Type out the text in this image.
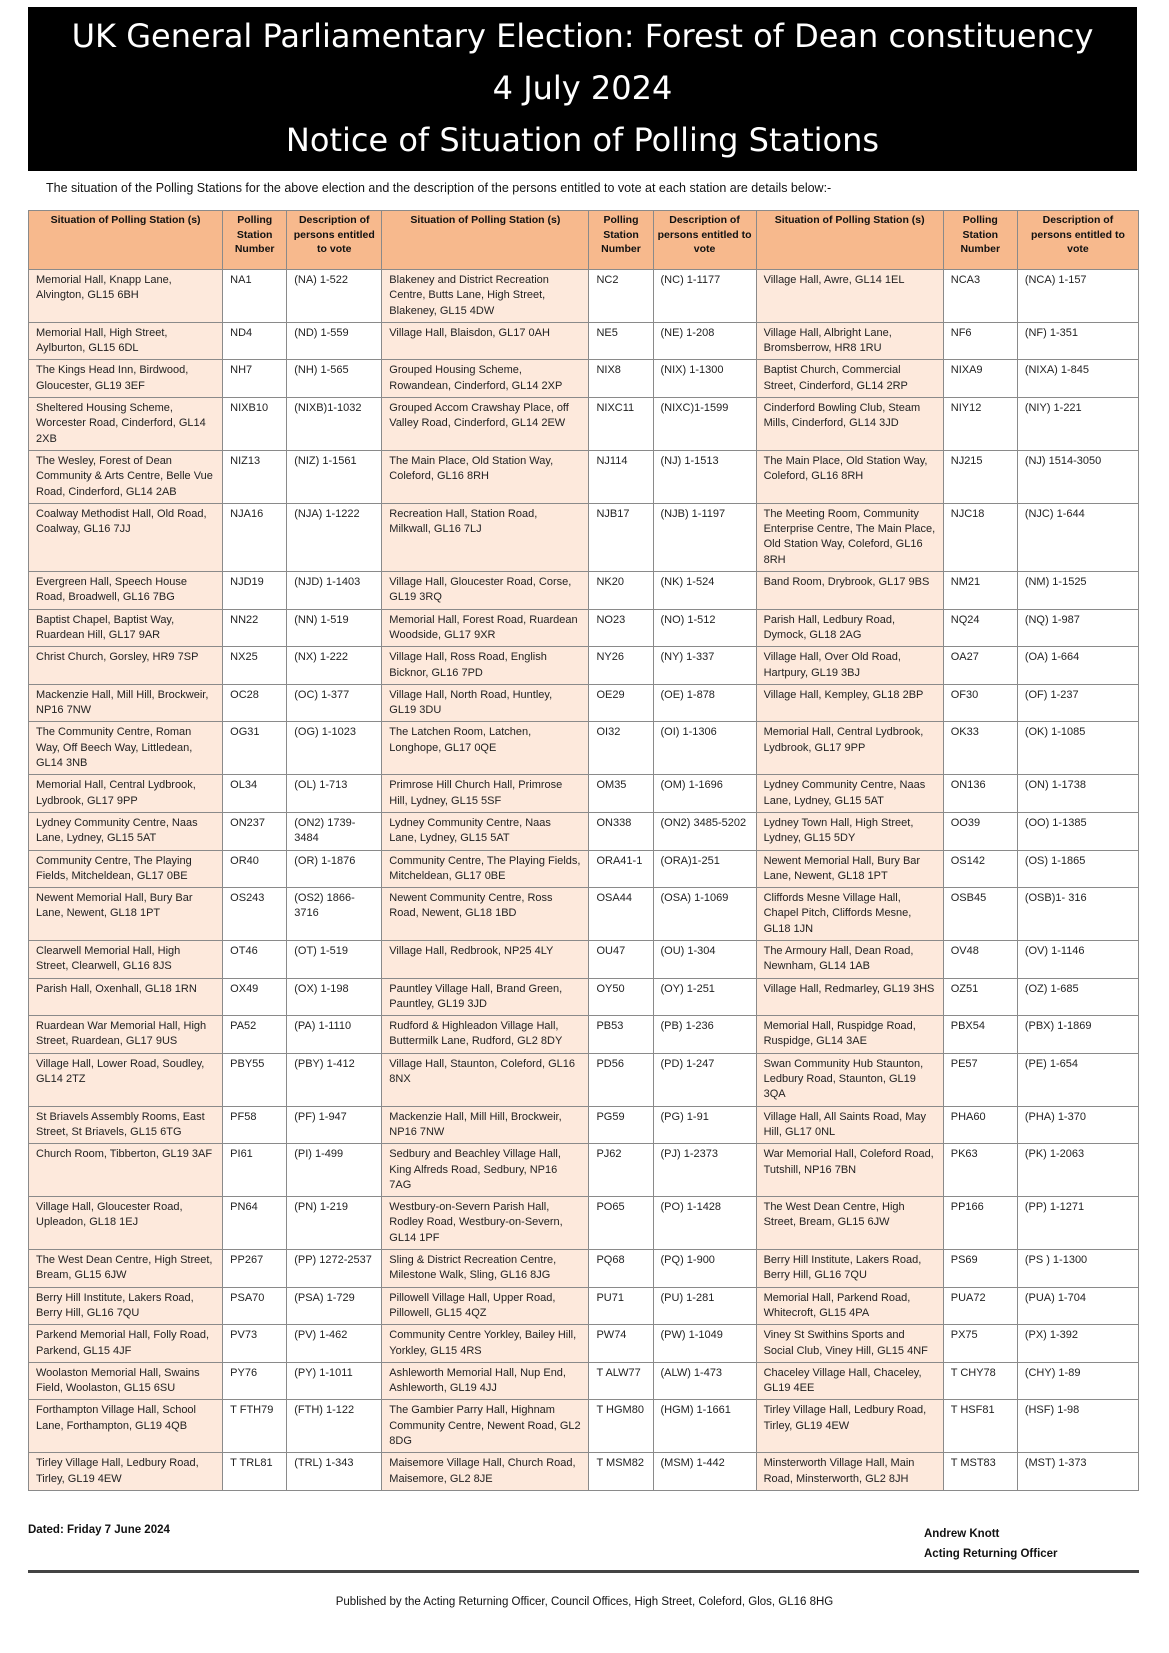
UK General Parliamentary Election: Forest of Dean constituency
4 July 2024
Notice of Situation of Polling Stations
The situation of the Polling Stations for the above election and the description of the persons entitled to vote at each station are details below:-
Situation of Polling Station (s)	Polling Station Number	Description of persons entitled to vote	Situation of Polling Station (s)	Polling Station Number	Description of persons entitled to vote	Situation of Polling Station (s)	Polling Station Number	Description of persons entitled to vote
Memorial Hall, Knapp Lane, Alvington, GL15 6BH	NA1	(NA) 1-522	Blakeney and District Recreation Centre, Butts Lane, High Street, Blakeney, GL15 4DW	NC2	(NC) 1-1177	Village Hall, Awre, GL14 1EL	NCA3	(NCA) 1-157
Memorial Hall, High Street, Aylburton, GL15 6DL	ND4	(ND) 1-559	Village Hall, Blaisdon, GL17 0AH	NE5	(NE) 1-208	Village Hall, Albright Lane, Bromsberrow, HR8 1RU	NF6	(NF) 1-351
The Kings Head Inn, Birdwood, Gloucester, GL19 3EF	NH7	(NH) 1-565	Grouped Housing Scheme, Rowandean, Cinderford, GL14 2XP	NIX8	(NIX) 1-1300	Baptist Church, Commercial Street, Cinderford, GL14 2RP	NIXA9	(NIXA) 1-845
Sheltered Housing Scheme, Worcester Road, Cinderford, GL14 2XB	NIXB10	(NIXB)1-1032	Grouped Accom Crawshay Place, off Valley Road, Cinderford, GL14 2EW	NIXC11	(NIXC)1-1599	Cinderford Bowling Club, Steam Mills, Cinderford, GL14 3JD	NIY12	(NIY) 1-221
The Wesley, Forest of Dean Community & Arts Centre, Belle Vue Road, Cinderford, GL14 2AB	NIZ13	(NIZ) 1-1561	The Main Place, Old Station Way, Coleford, GL16 8RH	NJ114	(NJ) 1-1513	The Main Place, Old Station Way, Coleford, GL16 8RH	NJ215	(NJ) 1514-3050
Coalway Methodist Hall, Old Road, Coalway, GL16 7JJ	NJA16	(NJA) 1-1222	Recreation Hall, Station Road, Milkwall, GL16 7LJ	NJB17	(NJB) 1-1197	The Meeting Room, Community Enterprise Centre, The Main Place, Old Station Way, Coleford, GL16 8RH	NJC18	(NJC) 1-644
Evergreen Hall, Speech House Road, Broadwell, GL16 7BG	NJD19	(NJD) 1-1403	Village Hall, Gloucester Road, Corse, GL19 3RQ	NK20	(NK) 1-524	Band Room, Drybrook, GL17 9BS	NM21	(NM) 1-1525
Baptist Chapel, Baptist Way, Ruardean Hill, GL17 9AR	NN22	(NN) 1-519	Memorial Hall, Forest Road, Ruardean Woodside, GL17 9XR	NO23	(NO) 1-512	Parish Hall, Ledbury Road, Dymock, GL18 2AG	NQ24	(NQ) 1-987
Christ Church, Gorsley, HR9 7SP	NX25	(NX) 1-222	Village Hall, Ross Road, English Bicknor, GL16 7PD	NY26	(NY) 1-337	Village Hall, Over Old Road, Hartpury, GL19 3BJ	OA27	(OA) 1-664
Mackenzie Hall, Mill Hill, Brockweir, NP16 7NW	OC28	(OC) 1-377	Village Hall, North Road, Huntley, GL19 3DU	OE29	(OE) 1-878	Village Hall, Kempley, GL18 2BP	OF30	(OF) 1-237
The Community Centre, Roman Way, Off Beech Way, Littledean, GL14 3NB	OG31	(OG) 1-1023	The Latchen Room, Latchen, Longhope, GL17 0QE	OI32	(OI) 1-1306	Memorial Hall, Central Lydbrook, Lydbrook, GL17 9PP	OK33	(OK) 1-1085
Memorial Hall, Central Lydbrook, Lydbrook, GL17 9PP	OL34	(OL) 1-713	Primrose Hill Church Hall, Primrose Hill, Lydney, GL15 5SF	OM35	(OM) 1-1696	Lydney Community Centre, Naas Lane, Lydney, GL15 5AT	ON136	(ON) 1-1738
Lydney Community Centre, Naas Lane, Lydney, GL15 5AT	ON237	(ON2) 1739-3484	Lydney Community Centre, Naas Lane, Lydney, GL15 5AT	ON338	(ON2) 3485-5202	Lydney Town Hall, High Street, Lydney, GL15 5DY	OO39	(OO) 1-1385
Community Centre, The Playing Fields, Mitcheldean, GL17 0BE	OR40	(OR) 1-1876	Community Centre, The Playing Fields, Mitcheldean, GL17 0BE	ORA41-1	(ORA)1-251	Newent Memorial Hall, Bury Bar Lane, Newent, GL18 1PT	OS142	(OS) 1-1865
Newent Memorial Hall, Bury Bar Lane, Newent, GL18 1PT	OS243	(OS2) 1866-3716	Newent Community Centre, Ross Road, Newent, GL18 1BD	OSA44	(OSA) 1-1069	Cliffords Mesne Village Hall, Chapel Pitch, Cliffords Mesne, GL18 1JN	OSB45	(OSB)1- 316
Clearwell Memorial Hall, High Street, Clearwell, GL16 8JS	OT46	(OT) 1-519	Village Hall, Redbrook, NP25 4LY	OU47	(OU) 1-304	The Armoury Hall, Dean Road, Newnham, GL14 1AB	OV48	(OV) 1-1146
Parish Hall, Oxenhall, GL18 1RN	OX49	(OX) 1-198	Pauntley Village Hall, Brand Green, Pauntley, GL19 3JD	OY50	(OY) 1-251	Village Hall, Redmarley, GL19 3HS	OZ51	(OZ) 1-685
Ruardean War Memorial Hall, High Street, Ruardean, GL17 9US	PA52	(PA) 1-1110	Rudford & Highleadon Village Hall, Buttermilk Lane, Rudford, GL2 8DY	PB53	(PB) 1-236	Memorial Hall, Ruspidge Road, Ruspidge, GL14 3AE	PBX54	(PBX) 1-1869
Village Hall, Lower Road, Soudley, GL14 2TZ	PBY55	(PBY) 1-412	Village Hall, Staunton, Coleford, GL16 8NX	PD56	(PD) 1-247	Swan Community Hub Staunton, Ledbury Road, Staunton, GL19 3QA	PE57	(PE) 1-654
St Briavels Assembly Rooms, East Street, St Briavels, GL15 6TG	PF58	(PF) 1-947	Mackenzie Hall, Mill Hill, Brockweir, NP16 7NW	PG59	(PG) 1-91	Village Hall, All Saints Road, May Hill, GL17 0NL	PHA60	(PHA) 1-370
Church Room, Tibberton, GL19 3AF	PI61	(PI) 1-499	Sedbury and Beachley Village Hall, King Alfreds Road, Sedbury, NP16 7AG	PJ62	(PJ) 1-2373	War Memorial Hall, Coleford Road, Tutshill, NP16 7BN	PK63	(PK) 1-2063
Village Hall, Gloucester Road, Upleadon, GL18 1EJ	PN64	(PN) 1-219	Westbury-on-Severn Parish Hall, Rodley Road, Westbury-on-Severn, GL14 1PF	PO65	(PO) 1-1428	The West Dean Centre, High Street, Bream, GL15 6JW	PP166	(PP) 1-1271
The West Dean Centre, High Street, Bream, GL15 6JW	PP267	(PP) 1272-2537	Sling & District Recreation Centre, Milestone Walk, Sling, GL16 8JG	PQ68	(PQ) 1-900	Berry Hill Institute, Lakers Road, Berry Hill, GL16 7QU	PS69	(PS ) 1-1300
Berry Hill Institute, Lakers Road, Berry Hill, GL16 7QU	PSA70	(PSA) 1-729	Pillowell Village Hall, Upper Road, Pillowell, GL15 4QZ	PU71	(PU) 1-281	Memorial Hall, Parkend Road, Whitecroft, GL15 4PA	PUA72	(PUA) 1-704
Parkend Memorial Hall, Folly Road, Parkend, GL15 4JF	PV73	(PV) 1-462	Community Centre Yorkley, Bailey Hill, Yorkley, GL15 4RS	PW74	(PW) 1-1049	Viney St Swithins Sports and Social Club, Viney Hill, GL15 4NF	PX75	(PX) 1-392
Woolaston Memorial Hall, Swains Field, Woolaston, GL15 6SU	PY76	(PY) 1-1011	Ashleworth Memorial Hall, Nup End, Ashleworth, GL19 4JJ	T ALW77	(ALW) 1-473	Chaceley Village Hall, Chaceley, GL19 4EE	T CHY78	(CHY) 1-89
Forthampton Village Hall, School Lane, Forthampton, GL19 4QB	T FTH79	(FTH) 1-122	The Gambier Parry Hall, Highnam Community Centre, Newent Road, GL2 8DG	T HGM80	(HGM) 1-1661	Tirley Village Hall, Ledbury Road, Tirley, GL19 4EW	T HSF81	(HSF) 1-98
Tirley Village Hall, Ledbury Road, Tirley, GL19 4EW	T TRL81	(TRL) 1-343	Maisemore Village Hall, Church Road, Maisemore, GL2 8JE	T MSM82	(MSM) 1-442	Minsterworth Village Hall, Main Road, Minsterworth, GL2 8JH	T MST83	(MST) 1-373
Dated: Friday 7 June 2024	Andrew Knott
Acting Returning Officer
Published by the Acting Returning Officer, Council Offices, High Street, Coleford, Glos, GL16 8HG
